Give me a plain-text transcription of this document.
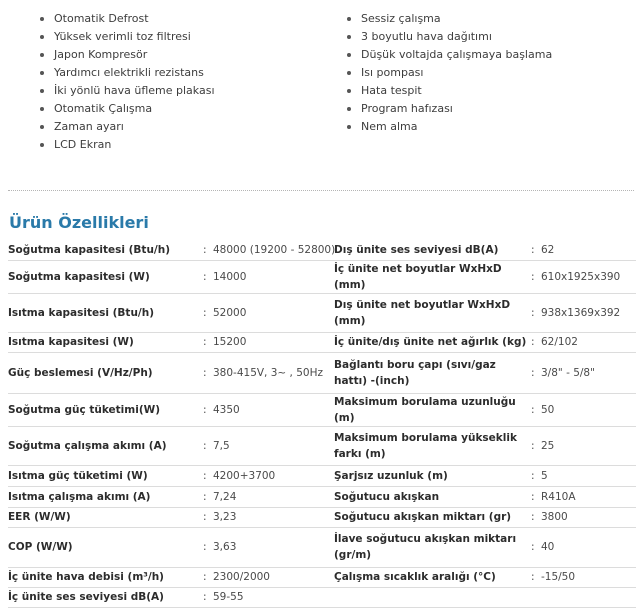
Otomatik Defrost
Yüksek verimli toz filtresi
Japon Kompresör
Yardımcı elektrikli rezistans
İki yönlü hava üfleme plakası
Otomatik Çalışma
Zaman ayarı
LCD Ekran
Sessiz çalışma
3 boyutlu hava dağıtımı
Düşük voltajda çalışmaya başlama
Isı pompası
Hata tespit
Program hafızası
Nem alma
Ürün Özellikleri
Soğutma kapasitesi (Btu/h)	: 48000 (19200 - 52800)	Dış ünite ses seviyesi dB(A)	: 62
Soğutma kapasitesi (W)	: 14000	İç ünite net boyutlar WxHxD (mm)	: 610x1925x390
Isıtma kapasitesi (Btu/h)	: 52000	Dış ünite net boyutlar WxHxD (mm)	: 938x1369x392
Isıtma kapasitesi (W)	: 15200	İç ünite/dış ünite net ağırlık (kg)	: 62/102
Güç beslemesi (V/Hz/Ph)	: 380-415V, 3~ , 50Hz	Bağlantı boru çapı (sıvı/gaz hattı) -(inch)	: 3/8" - 5/8"
Soğutma güç tüketimi(W)	: 4350	Maksimum borulama uzunluğu (m)	: 50
Soğutma çalışma akımı (A)	: 7,5	Maksimum borulama yükseklik farkı (m)	: 25
Isıtma güç tüketimi (W)	: 4200+3700	Şarjsız uzunluk (m)	: 5
Isıtma çalışma akımı (A)	: 7,24	Soğutucu akışkan	: R410A
EER (W/W)	: 3,23	Soğutucu akışkan miktarı (gr)	: 3800
COP (W/W)	: 3,63	İlave soğutucu akışkan miktarı (gr/m)	: 40
İç ünite hava debisi (m³/h)	: 2300/2000	Çalışma sıcaklık aralığı (°C)	: -15/50
İç ünite ses seviyesi dB(A)	: 59-55		
